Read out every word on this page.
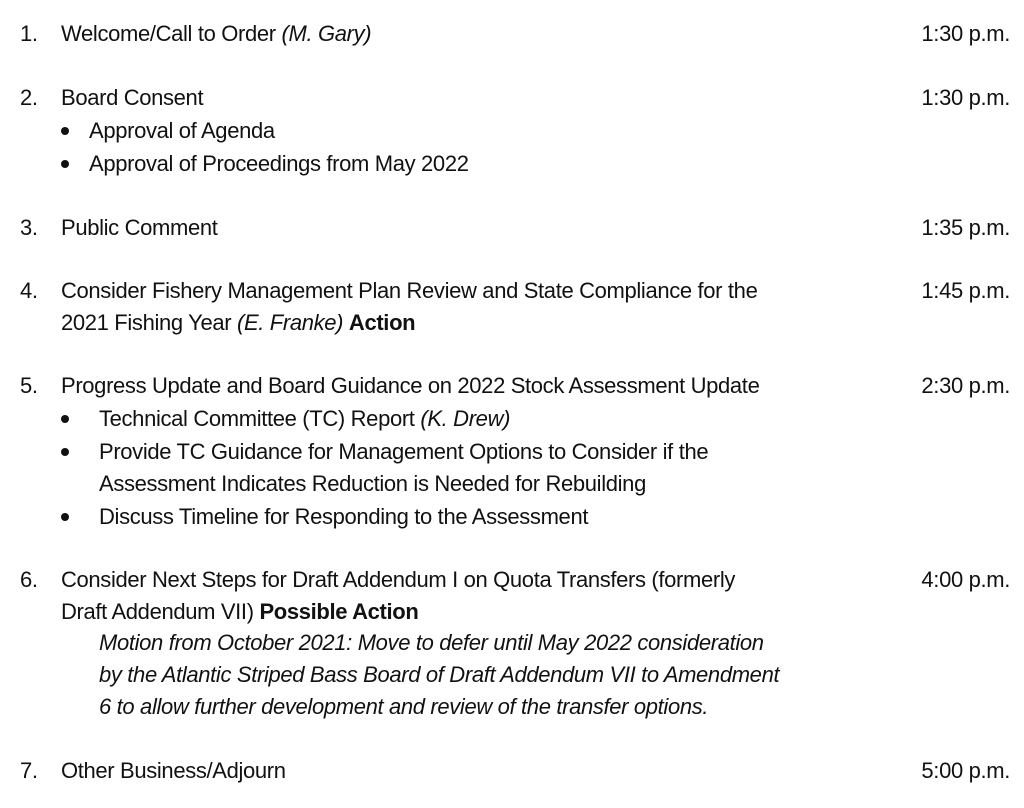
1. Welcome/Call to Order (M. Gary)	1:30 p.m.
2. Board Consent	1:30 p.m.
Approval of Agenda
Approval of Proceedings from May 2022
3. Public Comment	1:35 p.m.
4. Consider Fishery Management Plan Review and State Compliance for the	1:45 p.m.
2021 Fishing Year (E. Franke) Action
5. Progress Update and Board Guidance on 2022 Stock Assessment Update	2:30 p.m.
Technical Committee (TC) Report (K. Drew)
Provide TC Guidance for Management Options to Consider if the
Assessment Indicates Reduction is Needed for Rebuilding
Discuss Timeline for Responding to the Assessment
6. Consider Next Steps for Draft Addendum I on Quota Transfers (formerly	4:00 p.m.
Draft Addendum VII) Possible Action
Motion from October 2021: Move to defer until May 2022 consideration
by the Atlantic Striped Bass Board of Draft Addendum VII to Amendment
6 to allow further development and review of the transfer options.
7. Other Business/Adjourn	5:00 p.m.
